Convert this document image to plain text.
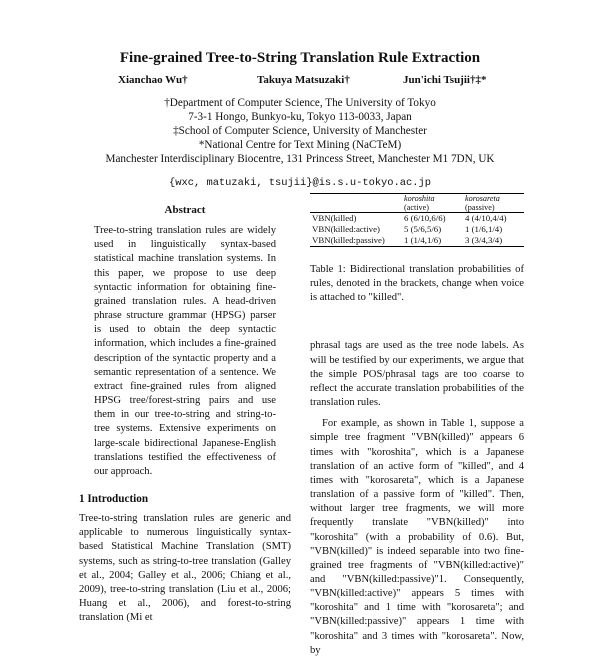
Fine-grained Tree-to-String Translation Rule Extraction
Xianchao Wu†	Takuya Matsuzaki†	Jun'ichi Tsujii†‡*
†Department of Computer Science, The University of Tokyo
7-3-1 Hongo, Bunkyo-ku, Tokyo 113-0033, Japan
‡School of Computer Science, University of Manchester
*National Centre for Text Mining (NaCTeM)
Manchester Interdisciplinary Biocentre, 131 Princess Street, Manchester M1 7DN, UK
{wxc, matuzaki, tsujii}@is.s.u-tokyo.ac.jp

Abstract

Tree-to-string translation rules are widely used in linguistically syntax-based statistical machine translation systems. In this paper, we propose to use deep syntactic information for obtaining fine-grained translation rules. A head-driven phrase structure grammar (HPSG) parser is used to obtain the deep syntactic information, which includes a fine-grained description of the syntactic property and a semantic representation of a sentence. We extract fine-grained rules from aligned HPSG tree/forest-string pairs and use them in our tree-to-string and string-to-tree systems. Extensive experiments on large-scale bidirectional Japanese-English translations testified the effectiveness of our approach.

1 Introduction

Tree-to-string translation rules are generic and applicable to numerous linguistically syntax-based Statistical Machine Translation (SMT) systems, such as string-to-tree translation (Galley et al., 2004; Galley et al., 2006; Chiang et al., 2009), tree-to-string translation (Liu et al., 2006; Huang et al., 2006), and forest-to-string translation (Mi et

	koroshita	korosareta
	(active)	(passive)
VBN(killed)	6 (6/10,6/6)	4 (4/10,4/4)
VBN(killed:active)	5 (5/6,5/6)	1 (1/6,1/4)
VBN(killed:passive)	1 (1/4,1/6)	3 (3/4,3/4)

Table 1: Bidirectional translation probabilities of rules, denoted in the brackets, change when voice is attached to "killed".

phrasal tags are used as the tree node labels. As will be testified by our experiments, we argue that the simple POS/phrasal tags are too coarse to reflect the accurate translation probabilities of the translation rules.

For example, as shown in Table 1, suppose a simple tree fragment "VBN(killed)" appears 6 times with "koroshita", which is a Japanese translation of an active form of "killed", and 4 times with "korosareta", which is a Japanese translation of a passive form of "killed". Then, without larger tree fragments, we will more frequently translate "VBN(killed)" into "koroshita" (with a probability of 0.6). But, "VBN(killed)" is indeed separable into two fine-grained tree fragments of "VBN(killed:active)" and "VBN(killed:passive)"1. Consequently, "VBN(killed:active)" appears 5 times with "koroshita" and 1 time with "korosareta"; and "VBN(killed:passive)" appears 1 time with "koroshita" and 3 times with "korosareta". Now, by
